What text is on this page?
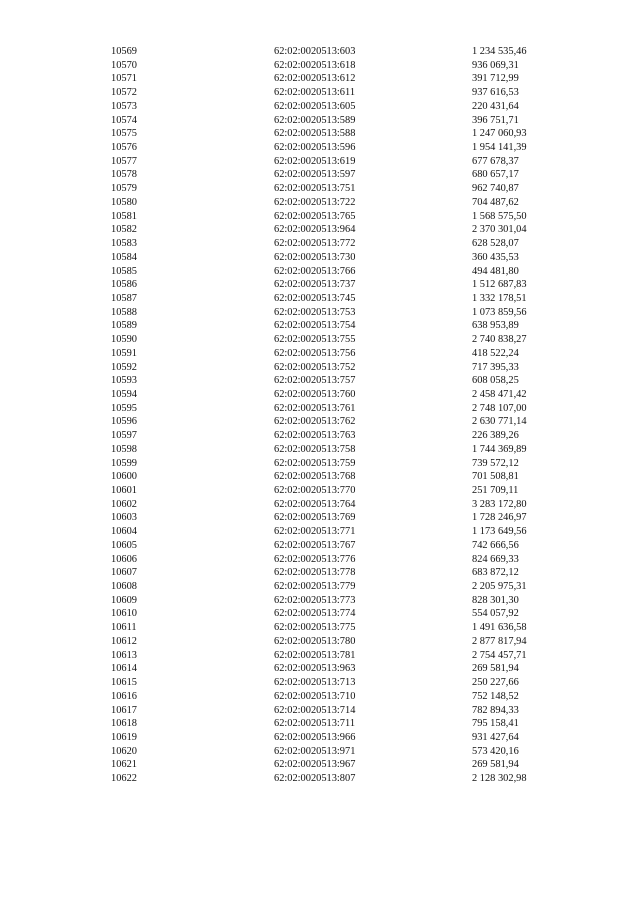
10569	62:02:0020513:603	1 234 535,46
10570	62:02:0020513:618	936 069,31
10571	62:02:0020513:612	391 712,99
10572	62:02:0020513:611	937 616,53
10573	62:02:0020513:605	220 431,64
10574	62:02:0020513:589	396 751,71
10575	62:02:0020513:588	1 247 060,93
10576	62:02:0020513:596	1 954 141,39
10577	62:02:0020513:619	677 678,37
10578	62:02:0020513:597	680 657,17
10579	62:02:0020513:751	962 740,87
10580	62:02:0020513:722	704 487,62
10581	62:02:0020513:765	1 568 575,50
10582	62:02:0020513:964	2 370 301,04
10583	62:02:0020513:772	628 528,07
10584	62:02:0020513:730	360 435,53
10585	62:02:0020513:766	494 481,80
10586	62:02:0020513:737	1 512 687,83
10587	62:02:0020513:745	1 332 178,51
10588	62:02:0020513:753	1 073 859,56
10589	62:02:0020513:754	638 953,89
10590	62:02:0020513:755	2 740 838,27
10591	62:02:0020513:756	418 522,24
10592	62:02:0020513:752	717 395,33
10593	62:02:0020513:757	608 058,25
10594	62:02:0020513:760	2 458 471,42
10595	62:02:0020513:761	2 748 107,00
10596	62:02:0020513:762	2 630 771,14
10597	62:02:0020513:763	226 389,26
10598	62:02:0020513:758	1 744 369,89
10599	62:02:0020513:759	739 572,12
10600	62:02:0020513:768	701 508,81
10601	62:02:0020513:770	251 709,11
10602	62:02:0020513:764	3 283 172,80
10603	62:02:0020513:769	1 728 246,97
10604	62:02:0020513:771	1 173 649,56
10605	62:02:0020513:767	742 666,56
10606	62:02:0020513:776	824 669,33
10607	62:02:0020513:778	683 872,12
10608	62:02:0020513:779	2 205 975,31
10609	62:02:0020513:773	828 301,30
10610	62:02:0020513:774	554 057,92
10611	62:02:0020513:775	1 491 636,58
10612	62:02:0020513:780	2 877 817,94
10613	62:02:0020513:781	2 754 457,71
10614	62:02:0020513:963	269 581,94
10615	62:02:0020513:713	250 227,66
10616	62:02:0020513:710	752 148,52
10617	62:02:0020513:714	782 894,33
10618	62:02:0020513:711	795 158,41
10619	62:02:0020513:966	931 427,64
10620	62:02:0020513:971	573 420,16
10621	62:02:0020513:967	269 581,94
10622	62:02:0020513:807	2 128 302,98
